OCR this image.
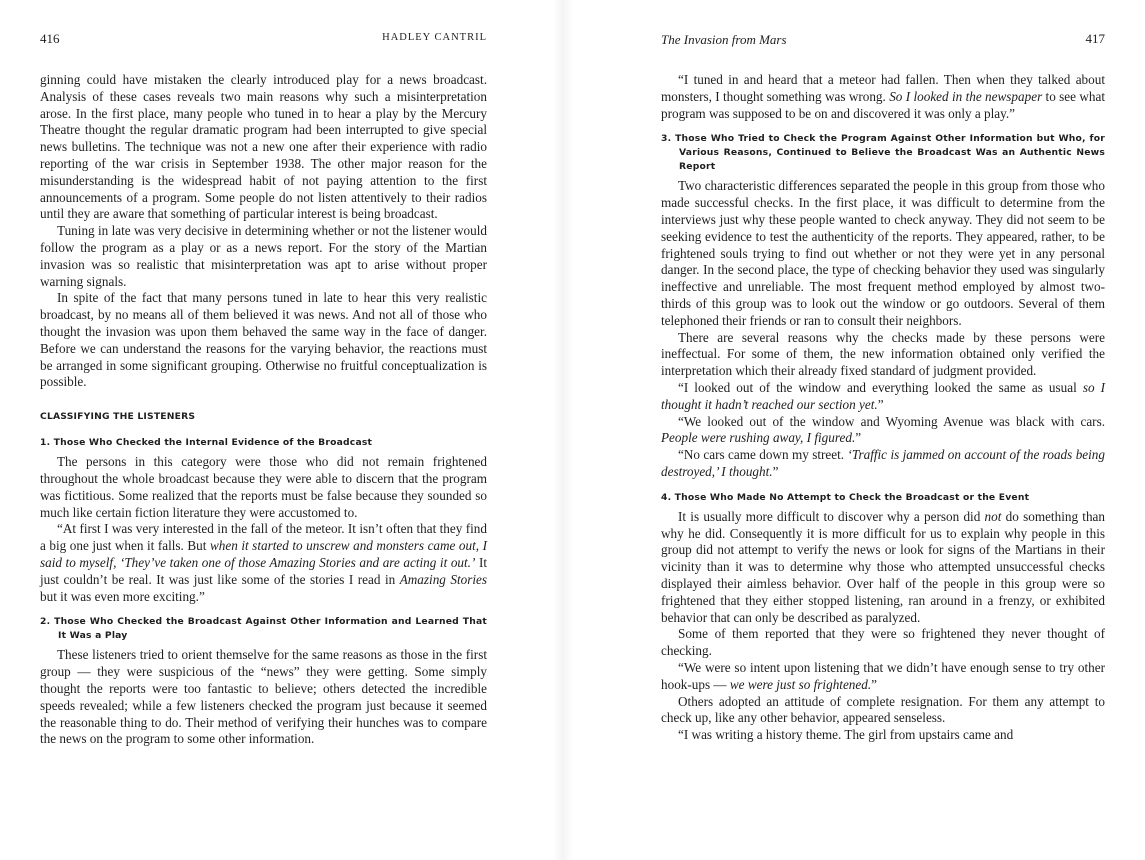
416	HADLEY CANTRIL

ginning could have mistaken the clearly introduced play for a news broadcast. Analysis of these cases reveals two main reasons why such a misinterpretation arose. In the first place, many people who tuned in to hear a play by the Mercury Theatre thought the regular dramatic program had been interrupted to give special news bulletins. The technique was not a new one after their experience with radio reporting of the war crisis in September 1938. The other major reason for the misunderstanding is the widespread habit of not paying attention to the first announcements of a program. Some people do not listen attentively to their radios until they are aware that something of particular interest is being broadcast.

Tuning in late was very decisive in determining whether or not the listener would follow the program as a play or as a news report. For the story of the Martian invasion was so realistic that misinterpretation was apt to arise without proper warning signals.

In spite of the fact that many persons tuned in late to hear this very realistic broadcast, by no means all of them believed it was news. And not all of those who thought the invasion was upon them behaved the same way in the face of danger. Before we can understand the reasons for the varying behavior, the reactions must be arranged in some significant grouping. Otherwise no fruitful conceptualization is possible.

CLASSIFYING THE LISTENERS
1. Those Who Checked the Internal Evidence of the Broadcast

The persons in this category were those who did not remain frightened throughout the whole broadcast because they were able to discern that the program was fictitious. Some realized that the reports must be false because they sounded so much like certain fiction literature they were accustomed to.

“At first I was very interested in the fall of the meteor. It isn’t often that they find a big one just when it falls. But when it started to unscrew and monsters came out, I said to myself, ‘They’ve taken one of those Amazing Stories and are acting it out.’ It just couldn’t be real. It was just like some of the stories I read in Amazing Stories but it was even more exciting.”

2. Those Who Checked the Broadcast Against Other Information and Learned That It Was a Play

These listeners tried to orient themselve for the same reasons as those in the first group — they were suspicious of the “news” they were getting. Some simply thought the reports were too fantastic to believe; others detected the incredible speeds revealed; while a few listeners checked the program just because it seemed the reasonable thing to do. Their method of verifying their hunches was to compare the news on the program to some other information.

The Invasion from Mars	417

“I tuned in and heard that a meteor had fallen. Then when they talked about monsters, I thought something was wrong. So I looked in the newspaper to see what program was supposed to be on and discovered it was only a play.”

3. Those Who Tried to Check the Program Against Other Information but Who, for Various Reasons, Continued to Believe the Broadcast Was an Authentic News Report

Two characteristic differences separated the people in this group from those who made successful checks. In the first place, it was difficult to determine from the interviews just why these people wanted to check anyway. They did not seem to be seeking evidence to test the authenticity of the reports. They appeared, rather, to be frightened souls trying to find out whether or not they were yet in any personal danger. In the second place, the type of checking behavior they used was singularly ineffective and unreliable. The most frequent method employed by almost two-thirds of this group was to look out the window or go outdoors. Several of them telephoned their friends or ran to consult their neighbors.

There are several reasons why the checks made by these persons were ineffectual. For some of them, the new information obtained only verified the interpretation which their already fixed standard of judgment provided.

“I looked out of the window and everything looked the same as usual so I thought it hadn’t reached our section yet.”

“We looked out of the window and Wyoming Avenue was black with cars. People were rushing away, I figured.”

“No cars came down my street. ‘Traffic is jammed on account of the roads being destroyed,’ I thought.”

4. Those Who Made No Attempt to Check the Broadcast or the Event

It is usually more difficult to discover why a person did not do something than why he did. Consequently it is more difficult for us to explain why people in this group did not attempt to verify the news or look for signs of the Martians in their vicinity than it was to determine why those who attempted unsuccessful checks displayed their aimless behavior. Over half of the people in this group were so frightened that they either stopped listening, ran around in a frenzy, or exhibited behavior that can only be described as paralyzed.

Some of them reported that they were so frightened they never thought of checking.

“We were so intent upon listening that we didn’t have enough sense to try other hook-ups — we were just so frightened.”

Others adopted an attitude of complete resignation. For them any attempt to check up, like any other behavior, appeared senseless.

“I was writing a history theme. The girl from upstairs came and
